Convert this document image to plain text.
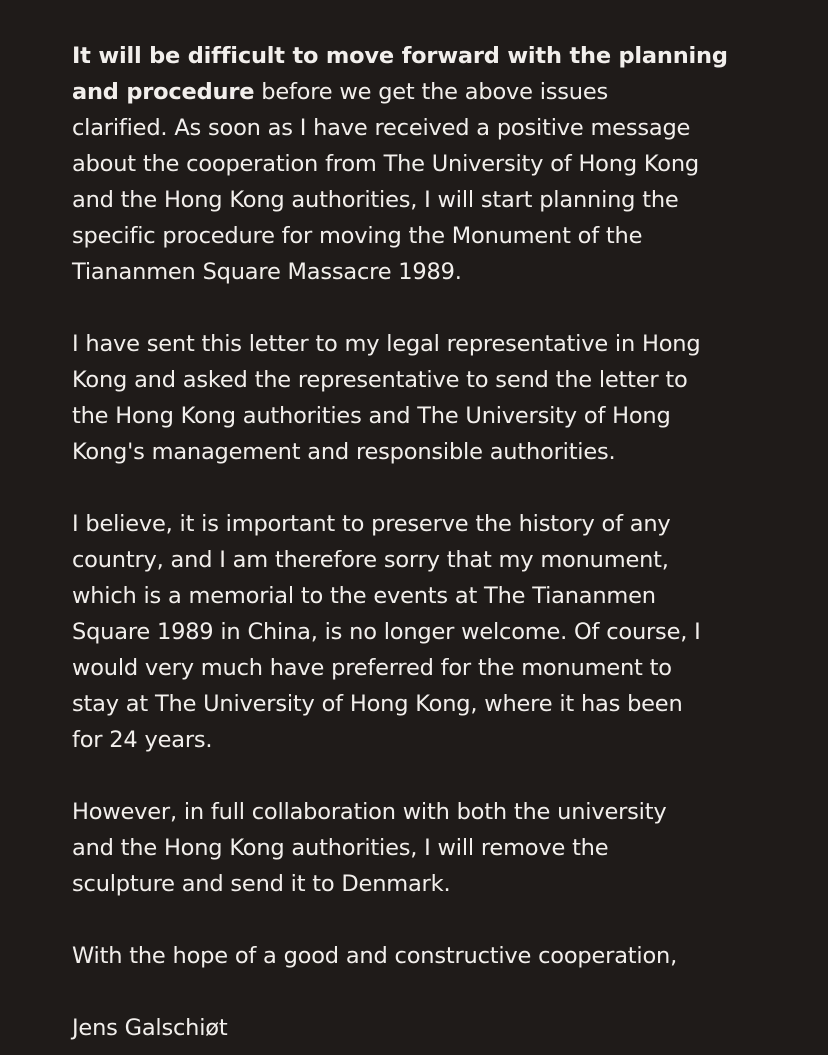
It will be difficult to move forward with the planning
and procedure before we get the above issues
clarified. As soon as I have received a positive message
about the cooperation from The University of Hong Kong
and the Hong Kong authorities, I will start planning the
specific procedure for moving the Monument of the
Tiananmen Square Massacre 1989.

I have sent this letter to my legal representative in Hong
Kong and asked the representative to send the letter to
the Hong Kong authorities and The University of Hong
Kong's management and responsible authorities.

I believe, it is important to preserve the history of any
country, and I am therefore sorry that my monument,
which is a memorial to the events at The Tiananmen
Square 1989 in China, is no longer welcome. Of course, I
would very much have preferred for the monument to
stay at The University of Hong Kong, where it has been
for 24 years.

However, in full collaboration with both the university
and the Hong Kong authorities, I will remove the
sculpture and send it to Denmark.

With the hope of a good and constructive cooperation,

Jens Galschiøt
